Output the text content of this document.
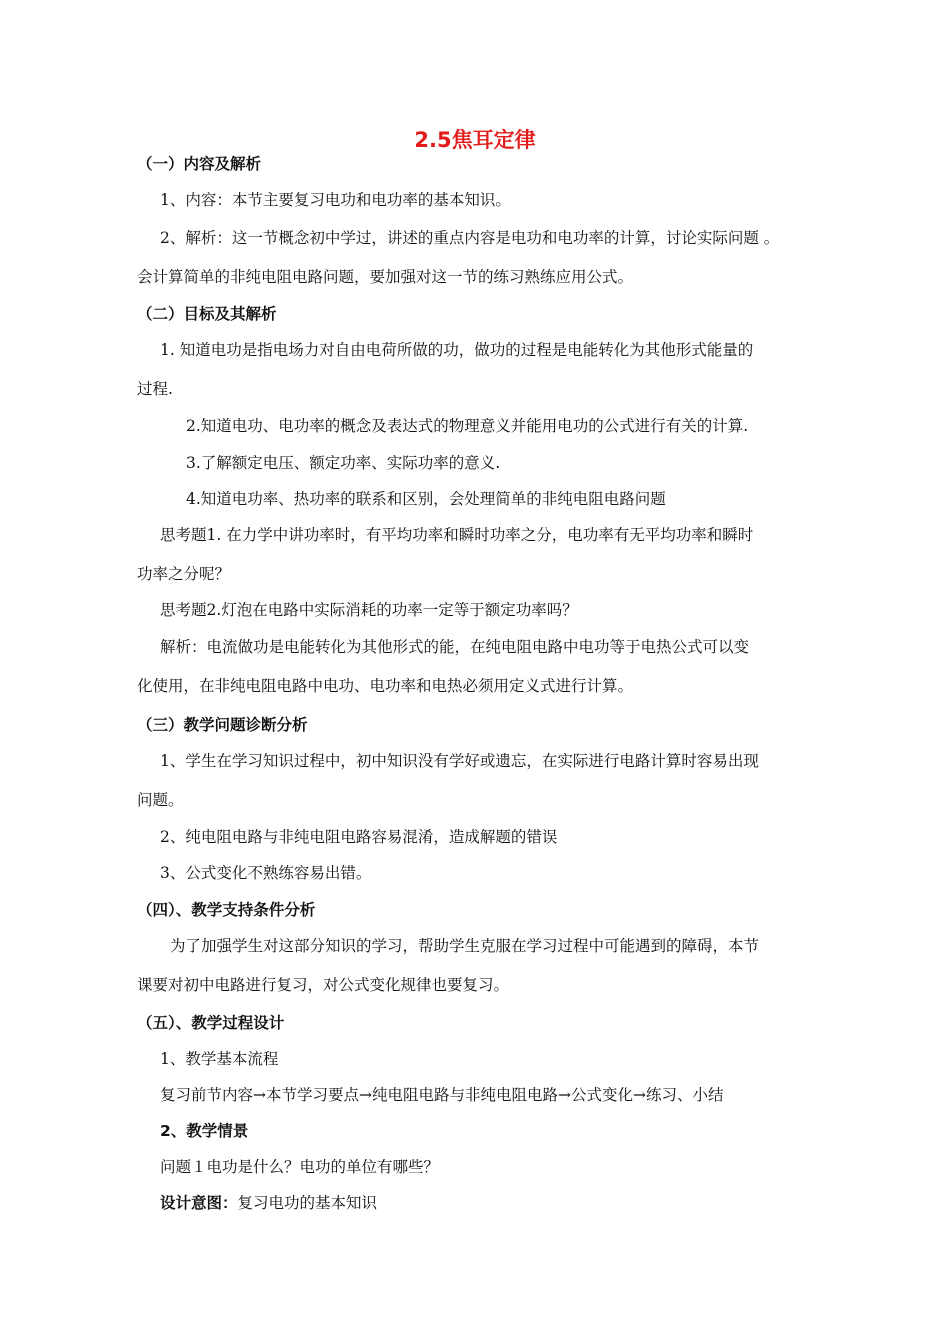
2.5焦耳定律
（一）内容及解析
1、内容：本节主要复习电功和电功率的基本知识。
2、解析：这一节概念初中学过，讲述的重点内容是电功和电功率的计算，讨论实际问题 。
会计算简单的非纯电阻电路问题，要加强对这一节的练习熟练应用公式。
（二）目标及其解析
1. 知道电功是指电场力对自由电荷所做的功，做功的过程是电能转化为其他形式能量的
过程.
2.知道电功、电功率的概念及表达式的物理意义并能用电功的公式进行有关的计算.
3.了解额定电压、额定功率、实际功率的意义.
4.知道电功率、热功率的联系和区别，会处理简单的非纯电阻电路问题
思考题1. 在力学中讲功率时，有平均功率和瞬时功率之分，电功率有无平均功率和瞬时
功率之分呢？
思考题2.灯泡在电路中实际消耗的功率一定等于额定功率吗？
解析：电流做功是电能转化为其他形式的能，在纯电阻电路中电功等于电热公式可以变
化使用，在非纯电阻电路中电功、电功率和电热必须用定义式进行计算。
（三）教学问题诊断分析
1、学生在学习知识过程中，初中知识没有学好或遗忘，在实际进行电路计算时容易出现
问题。
2、纯电阻电路与非纯电阻电路容易混淆，造成解题的错误
3、公式变化不熟练容易出错。
（四）、教学支持条件分析
为了加强学生对这部分知识的学习，帮助学生克服在学习过程中可能遇到的障碍，本节
课要对初中电路进行复习，对公式变化规律也要复习。
（五）、教学过程设计
1、教学基本流程
复习前节内容→本节学习要点→纯电阻电路与非纯电阻电路→公式变化→练习、小结
2、教学情景
问题１电功是什么？电功的单位有哪些？
设计意图：复习电功的基本知识
